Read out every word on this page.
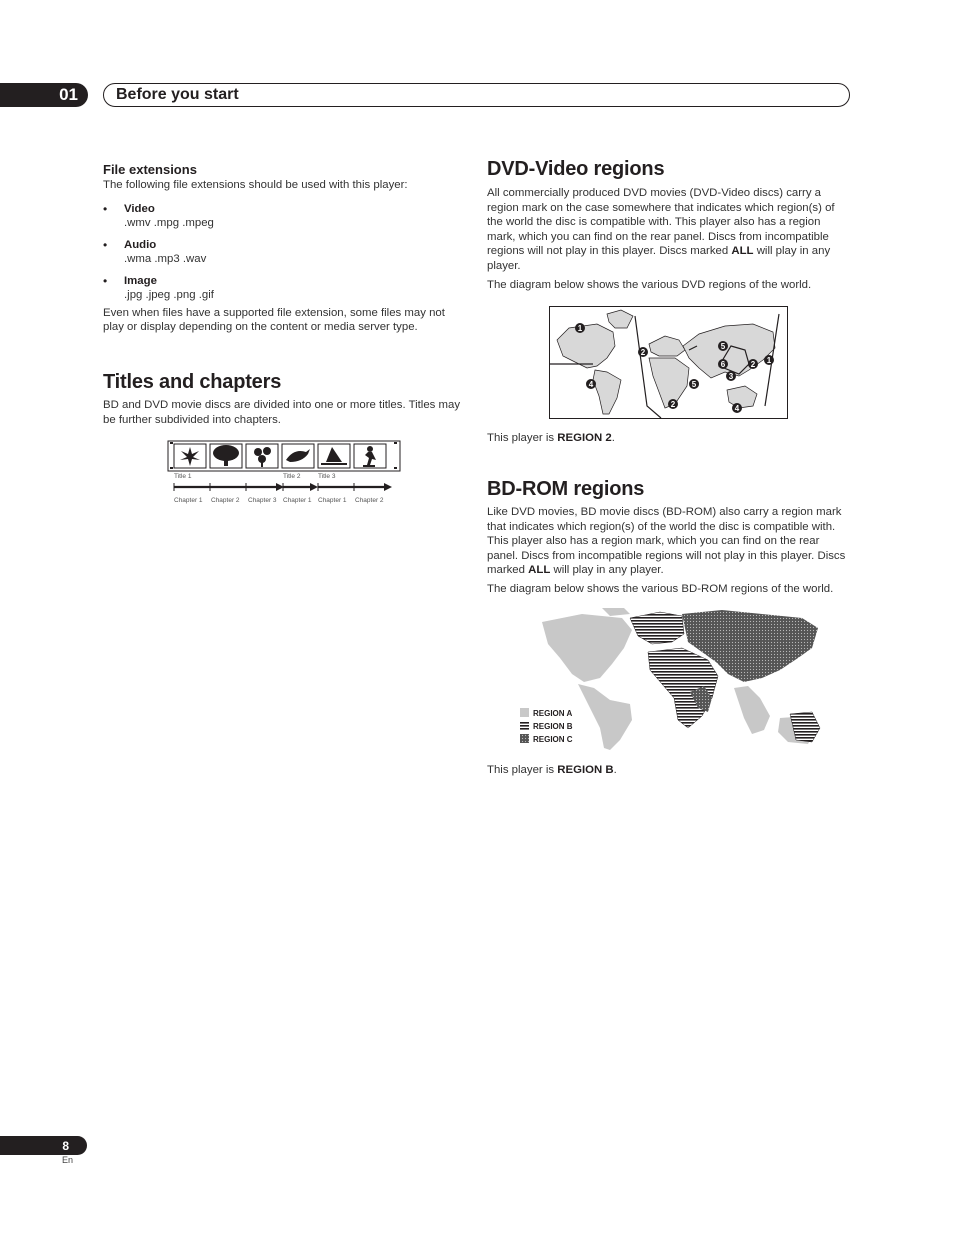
01 Before you start
File extensions
The following file extensions should be used with this player:
• Video
.wmv .mpg .mpeg
• Audio
.wma .mp3 .wav
• Image
.jpg .jpeg .png .gif
Even when files have a supported file extension, some files may not play or display depending on the content or media server type.
Titles and chapters
BD and DVD movie discs are divided into one or more titles. Titles may be further subdivided into chapters.
Title 1	Title 2	Title 3
Chapter 1 Chapter 2 Chapter 3 Chapter 1 Chapter 1 Chapter 2
DVD-Video regions
All commercially produced DVD movies (DVD-Video discs) carry a region mark on the case somewhere that indicates which region(s) of the world the disc is compatible with. This player also has a region mark, which you can find on the rear panel. Discs from incompatible regions will not play in this player. Discs marked ALL will play in any player.
The diagram below shows the various DVD regions of the world.
1
2
4
5
6	1
2
3
4
5
2
This player is REGION 2.
BD-ROM regions
Like DVD movies, BD movie discs (BD-ROM) also carry a region mark that indicates which region(s) of the world the disc is compatible with. This player also has a region mark, which you can find on the rear panel. Discs from incompatible regions will not play in this player. Discs marked ALL will play in any player.
The diagram below shows the various BD-ROM regions of the world.
REGION A
REGION B
REGION C
This player is REGION B.
8
En
